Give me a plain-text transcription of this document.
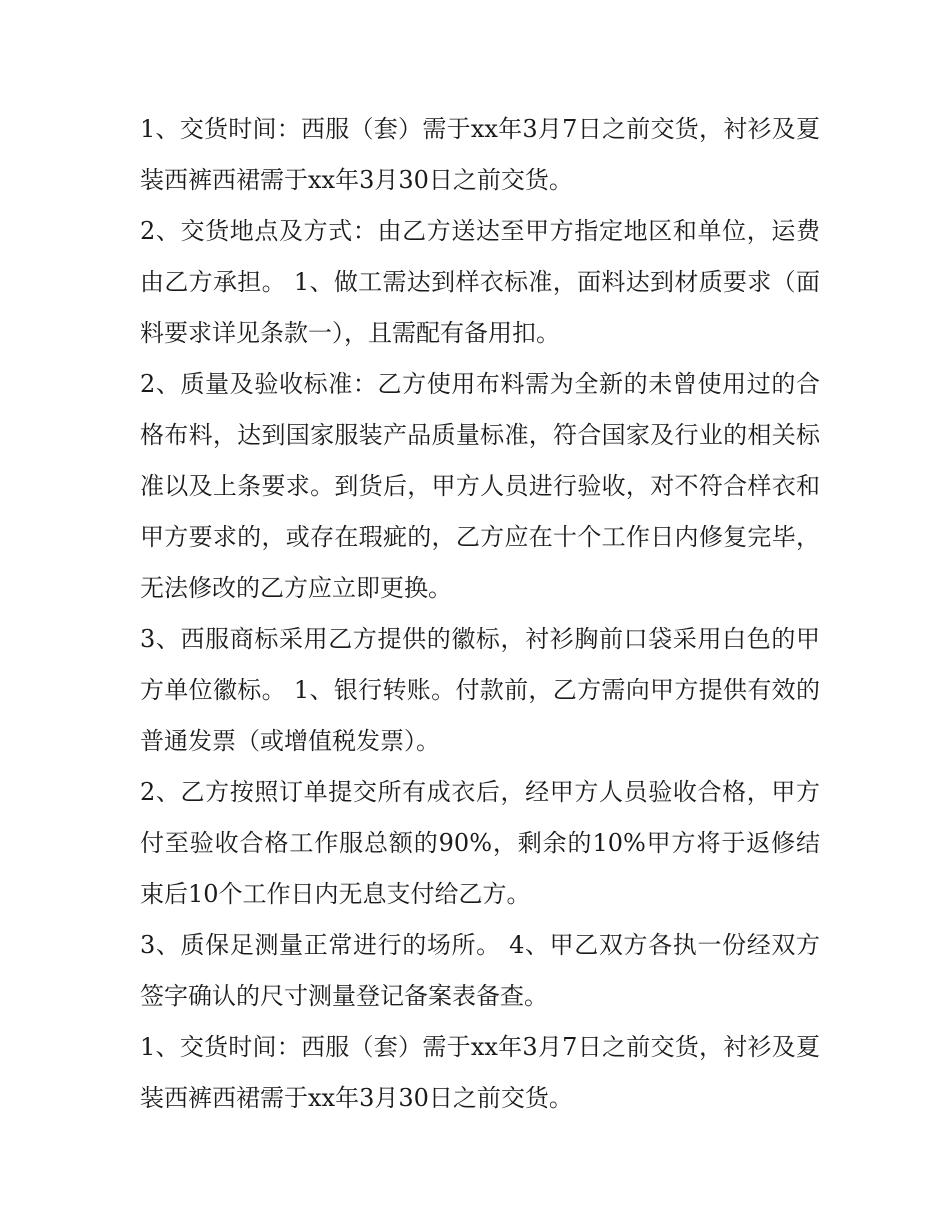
1、交货时间：西服（套）需于xx年3月7日之前交货，衬衫及夏装西裤西裙需于xx年3月30日之前交货。

2、交货地点及方式：由乙方送达至甲方指定地区和单位，运费由乙方承担。 1、做工需达到样衣标准，面料达到材质要求（面料要求详见条款一），且需配有备用扣。

2、质量及验收标准：乙方使用布料需为全新的未曾使用过的合格布料，达到国家服装产品质量标准，符合国家及行业的相关标准以及上条要求。到货后，甲方人员进行验收，对不符合样衣和甲方要求的，或存在瑕疵的，乙方应在十个工作日内修复完毕，无法修改的乙方应立即更换。

3、西服商标采用乙方提供的徽标，衬衫胸前口袋采用白色的甲方单位徽标。 1、银行转账。付款前，乙方需向甲方提供有效的普通发票（或增值税发票）。

2、乙方按照订单提交所有成衣后，经甲方人员验收合格，甲方付至验收合格工作服总额的90%，剩余的10%甲方将于返修结束后10个工作日内无息支付给乙方。

3、质保足测量正常进行的场所。 4、甲乙双方各执一份经双方签字确认的尺寸测量登记备案表备查。

1、交货时间：西服（套）需于xx年3月7日之前交货，衬衫及夏装西裤西裙需于xx年3月30日之前交货。
